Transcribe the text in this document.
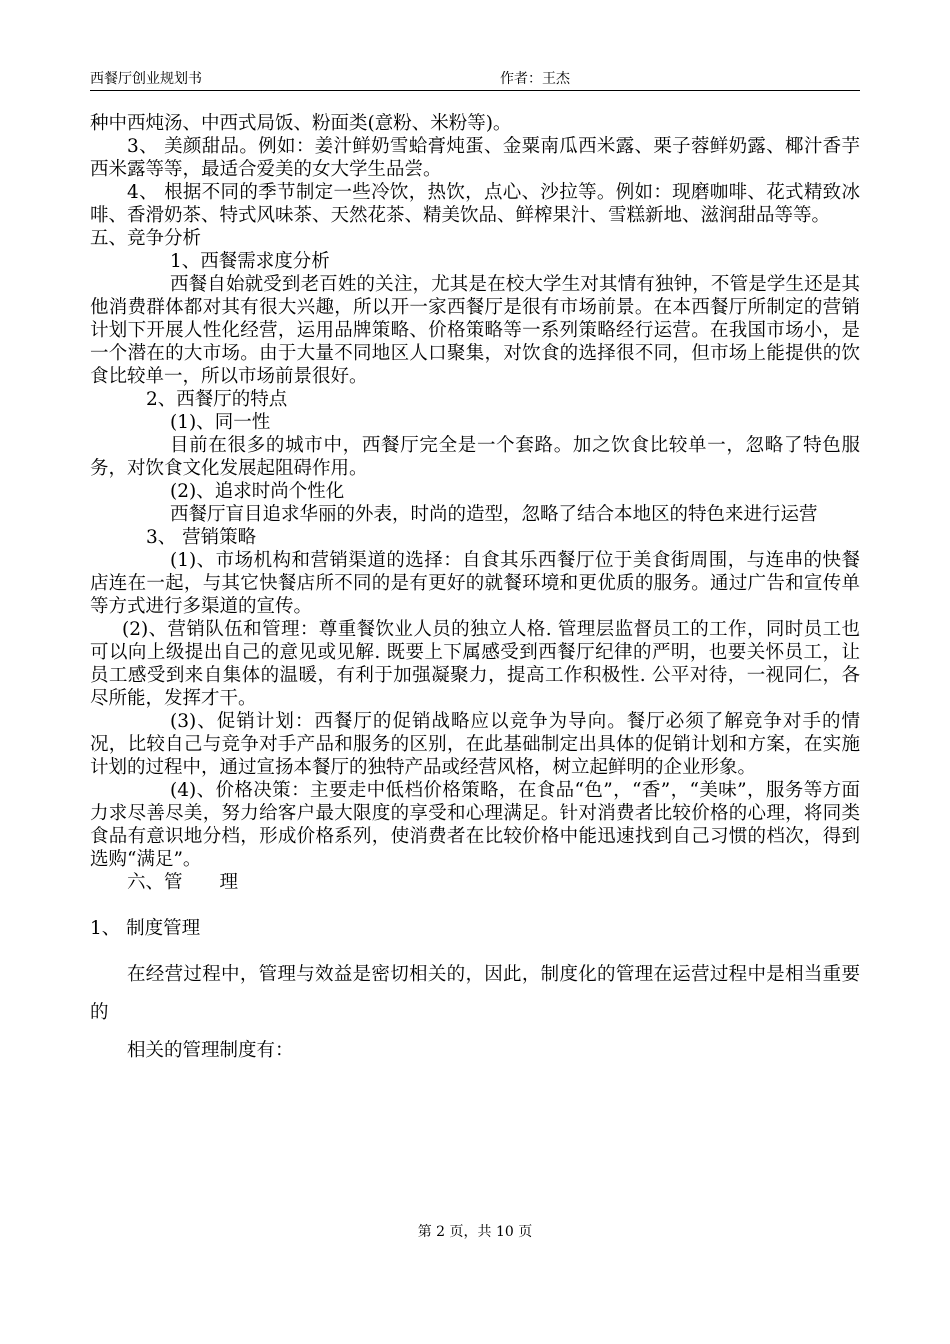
西餐厅创业规划书	作者：王杰

种中西炖汤、中西式局饭、粉面类(意粉、米粉等)。

3、 美颜甜品。例如：姜汁鲜奶雪蛤膏炖蛋、金粟南瓜西米露、栗子蓉鲜奶露、椰汁香芋西米露等等，最适合爱美的女大学生品尝。

4、 根据不同的季节制定一些冷饮，热饮，点心、沙拉等。例如：现磨咖啡、花式精致冰啡、香滑奶茶、特式风味茶、天然花茶、精美饮品、鲜榨果汁、雪糕新地、滋润甜品等等。

五、竞争分析

1、西餐需求度分析

西餐自始就受到老百姓的关注，尤其是在校大学生对其情有独钟，不管是学生还是其他消费群体都对其有很大兴趣，所以开一家西餐厅是很有市场前景。在本西餐厅所制定的营销计划下开展人性化经营，运用品牌策略、价格策略等一系列策略经行运营。在我国市场小，是一个潜在的大市场。由于大量不同地区人口聚集，对饮食的选择很不同，但市场上能提供的饮食比较单一，所以市场前景很好。

2、西餐厅的特点

(1)、同一性

目前在很多的城市中，西餐厅完全是一个套路。加之饮食比较单一，忽略了特色服务，对饮食文化发展起阻碍作用。

(2)、追求时尚个性化

西餐厅盲目追求华丽的外表，时尚的造型，忽略了结合本地区的特色来进行运营

3、 营销策略

(1)、市场机构和营销渠道的选择：自食其乐西餐厅位于美食街周围，与连串的快餐店连在一起，与其它快餐店所不同的是有更好的就餐环境和更优质的服务。通过广告和宣传单等方式进行多渠道的宣传。

(2)、营销队伍和管理：尊重餐饮业人员的独立人格. 管理层监督员工的工作，同时员工也可以向上级提出自己的意见或见解. 既要上下属感受到西餐厅纪律的严明，也要关怀员工，让员工感受到来自集体的温暖，有利于加强凝聚力，提高工作积极性. 公平对待，一视同仁，各尽所能，发挥才干。

(3)、促销计划：西餐厅的促销战略应以竞争为导向。餐厅必须了解竞争对手的情况，比较自己与竞争对手产品和服务的区别，在此基础制定出具体的促销计划和方案，在实施计划的过程中，通过宣扬本餐厅的独特产品或经营风格，树立起鲜明的企业形象。

(4)、价格决策：主要走中低档价格策略，在食品“色”，“香”，“美味”，服务等方面力求尽善尽美，努力给客户最大限度的享受和心理满足。针对消费者比较价格的心理，将同类食品有意识地分档，形成价格系列，使消费者在比较价格中能迅速找到自己习惯的档次，得到选购“满足”。

六、管　　理

1、 制度管理

在经营过程中，管理与效益是密切相关的，因此，制度化的管理在运营过程中是相当重要的

相关的管理制度有：

第 2 页，共 10 页
